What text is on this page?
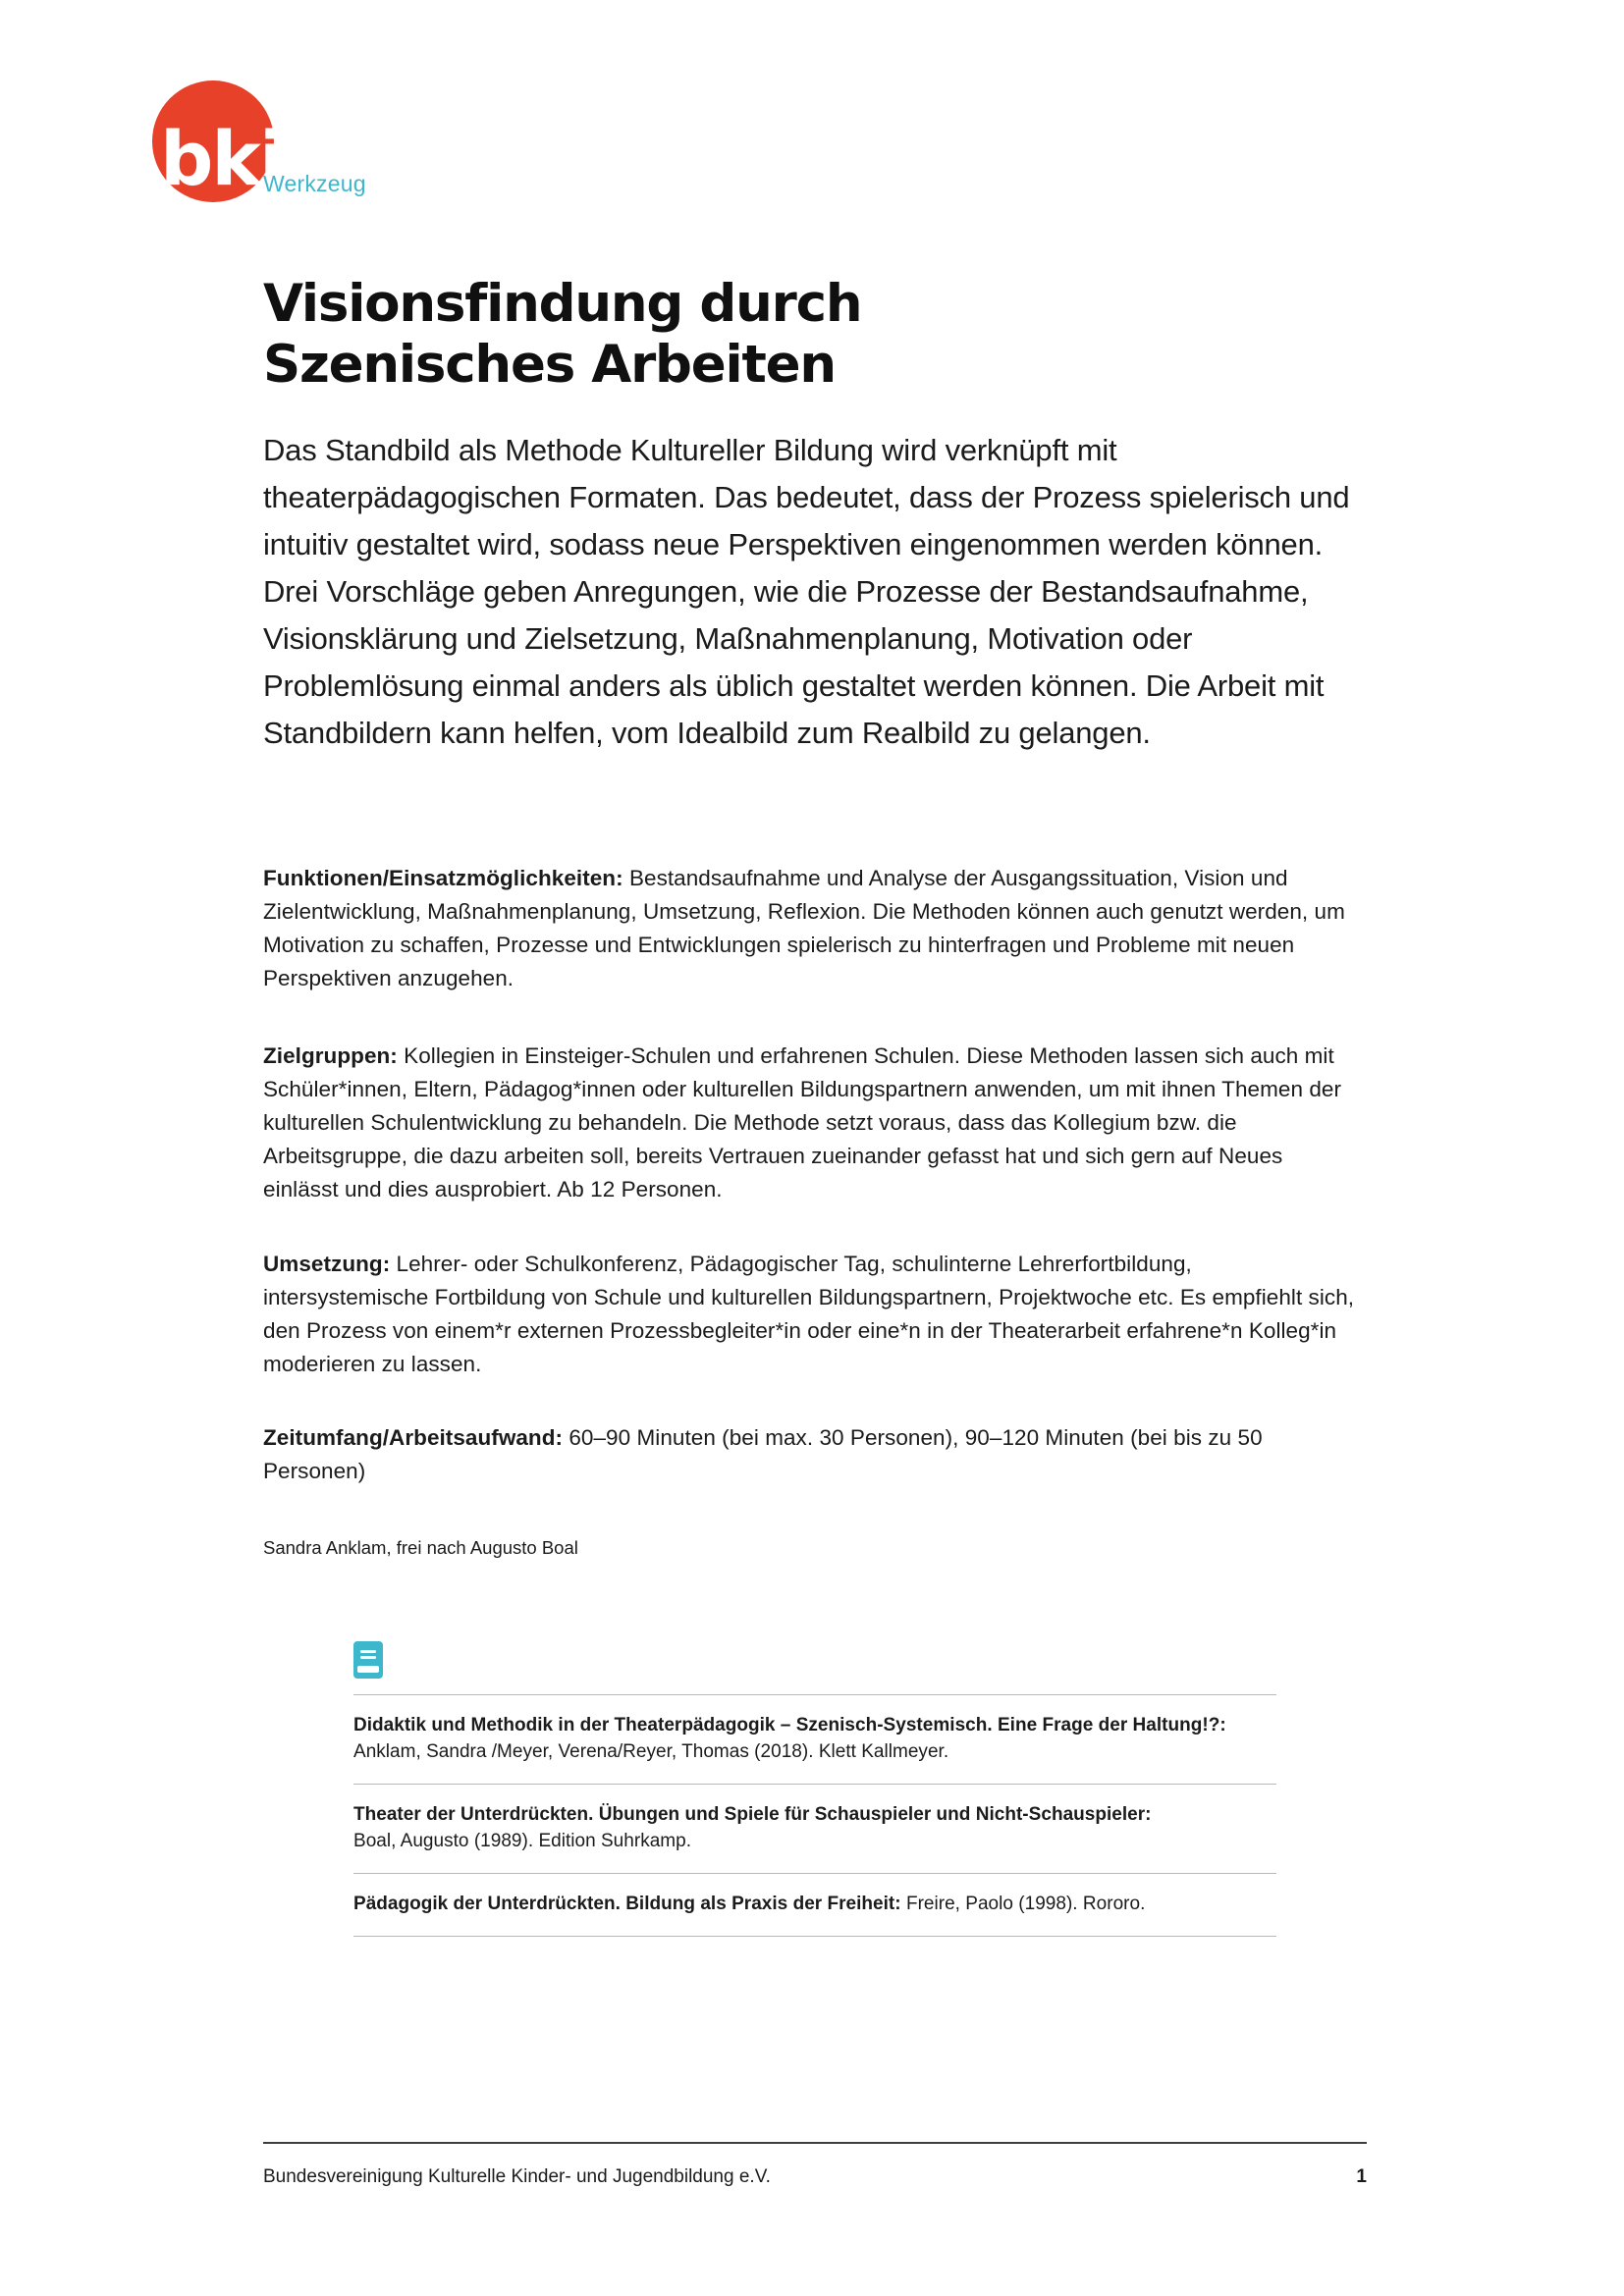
bki
Werkzeug
Visionsfindung durch
Szenisches Arbeiten

Das Standbild als Methode Kultureller Bildung wird verknüpft mit theaterpädagogischen Formaten. Das bedeutet, dass der Prozess spielerisch und intuitiv gestaltet wird, sodass neue Perspektiven eingenommen werden können. Drei Vorschläge geben Anregungen, wie die Prozesse der Bestandsaufnahme, Visionsklärung und Zielsetzung, Maßnahmenplanung, Motivation oder Problemlösung einmal anders als üblich gestaltet werden können. Die Arbeit mit Standbildern kann helfen, vom Idealbild zum Realbild zu gelangen.

Funktionen/Einsatzmöglichkeiten: Bestandsaufnahme und Analyse der Ausgangssituation, Vision und Zielentwicklung, Maßnahmenplanung, Umsetzung, Reflexion. Die Methoden können auch genutzt werden, um Motivation zu schaffen, Prozesse und Entwicklungen spielerisch zu hinterfragen und Probleme mit neuen Perspektiven anzugehen.

Zielgruppen: Kollegien in Einsteiger-Schulen und erfahrenen Schulen. Diese Methoden lassen sich auch mit Schüler*innen, Eltern, Pädagog*innen oder kulturellen Bildungspartnern anwenden, um mit ihnen Themen der kulturellen Schulentwicklung zu behandeln. Die Methode setzt voraus, dass das Kollegium bzw. die Arbeitsgruppe, die dazu arbeiten soll, bereits Vertrauen zueinander gefasst hat und sich gern auf Neues einlässt und dies ausprobiert. Ab 12 Personen.

Umsetzung: Lehrer- oder Schulkonferenz, Pädagogischer Tag, schulinterne Lehrerfortbildung, intersystemische Fortbildung von Schule und kulturellen Bildungspartnern, Projektwoche etc. Es empfiehlt sich, den Prozess von einem*r externen Prozessbegleiter*in oder eine*n in der Theaterarbeit erfahrene*n Kolleg*in moderieren zu lassen.

Zeitumfang/Arbeitsaufwand: 60–90 Minuten (bei max. 30 Personen), 90–120 Minuten (bei bis zu 50 Personen)

Sandra Anklam, frei nach Augusto Boal

Didaktik und Methodik in der Theaterpädagogik – Szenisch-Systemisch. Eine Frage der Haltung!?:
Anklam, Sandra /Meyer, Verena/Reyer, Thomas (2018). Klett Kallmeyer.
Theater der Unterdrückten. Übungen und Spiele für Schauspieler und Nicht-Schauspieler:
Boal, Augusto (1989). Edition Suhrkamp.
Pädagogik der Unterdrückten. Bildung als Praxis der Freiheit: Freire, Paolo (1998). Rororo.
Bundesvereinigung Kulturelle Kinder- und Jugendbildung e.V.	1
